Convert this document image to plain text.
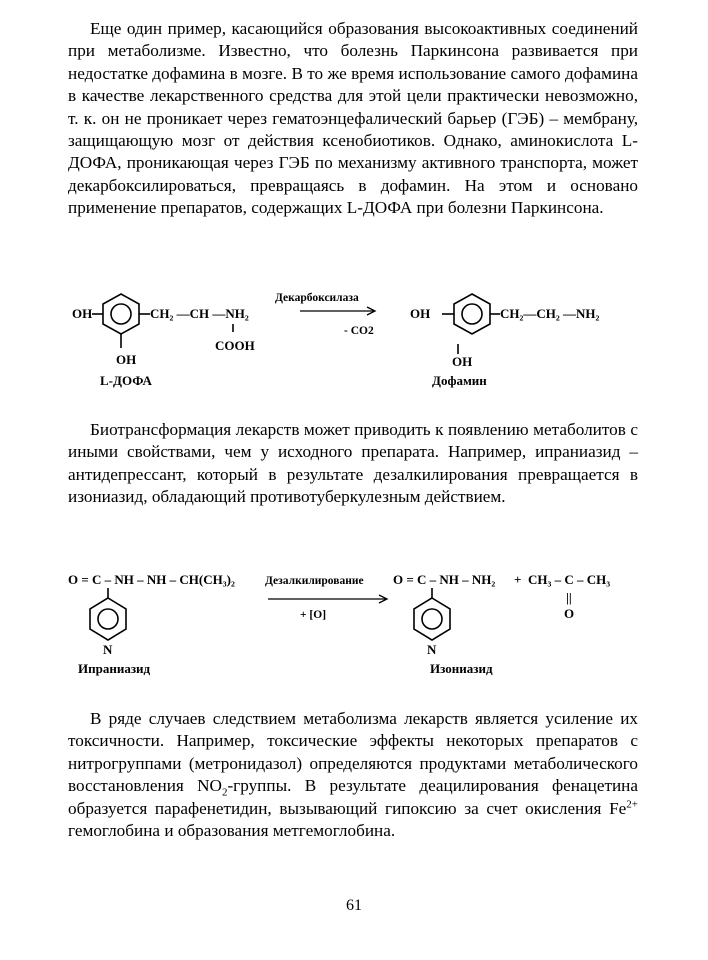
Еще один пример, касающийся образования высокоактивных соединений при метаболизме. Известно, что болезнь Паркинсона развивается при недостатке дофамина в мозге. В то же время использование самого дофамина в качестве лекарственного средства для этой цели практически невозможно, т. к. он не проникает через гематоэнцефалический барьер (ГЭБ) – мембрану, защищающую мозг от действия ксенобиотиков. Однако, аминокислота L-ДОФА, проникающая через ГЭБ по механизму активного транспорта, может декарбоксилироваться, превращаясь в дофамин. На этом и основано применение препаратов, содержащих L-ДОФА при болезни Паркинсона.

OH	CH₂ —CH —NH₂
COOH
OH
L-ДОФА
Декарбоксилаза
- CO2
OH	CH₂—CH₂ —NH₂
OH
Дофамин

Биотрансформация лекарств может приводить к появлению метаболитов с иными свойствами, чем у исходного препарата. Например, ипраниазид – антидепрессант, который в результате дезалкилирования превращается в изониазид, обладающий противотуберкулезным действием.

O = C – NH – NH – CH(CH₃)₂
N
Ипраниазид
Дезалкилирование
+ [O]
O = C – NH – NH₂ + CH₃ – C – CH₃
||
O
N
Изониазид

В ряде случаев следствием метаболизма лекарств является усиление их токсичности. Например, токсические эффекты некоторых препаратов с нитрогруппами (метронидазол) определяются продуктами метаболического восстановления $NO_2$-группы. В результате деацилирования фенацетина образуется парафенетидин, вызывающий гипоксию за счет окисления $Fe^{2+}$ гемоглобина и образования метгемоглобина.

61
